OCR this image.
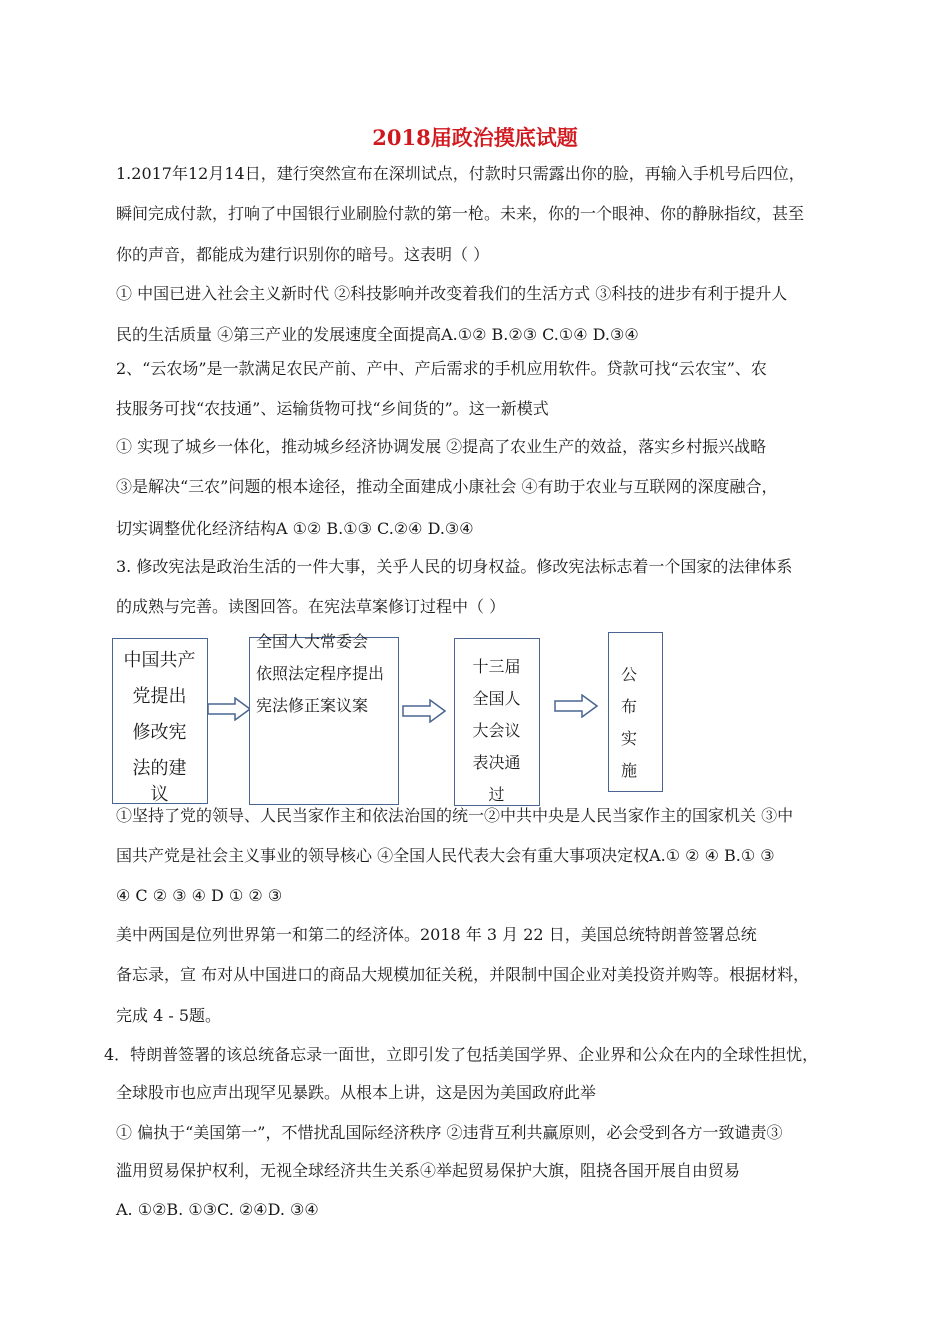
2018届政治摸底试题
1.2017年12月14日，建行突然宣布在深圳试点，付款时只需露出你的脸，再输入手机号后四位，
瞬间完成付款，打响了中国银行业刷脸付款的第一枪。未来，你的一个眼神、你的静脉指纹，甚至
你的声音，都能成为建行识别你的暗号。这表明（ ）
① 中国已进入社会主义新时代 ②科技影响并改变着我们的生活方式 ③科技的进步有利于提升人
民的生活质量 ④第三产业的发展速度全面提高A.①② B.②③ C.①④ D.③④
2、“云农场”是一款满足农民产前、产中、产后需求的手机应用软件。贷款可找“云农宝”、农
技服务可找“农技通”、运输货物可找“乡间货的”。这一新模式
① 实现了城乡一体化，推动城乡经济协调发展 ②提高了农业生产的效益，落实乡村振兴战略
③是解决“三农”问题的根本途径，推动全面建成小康社会 ④有助于农业与互联网的深度融合，
切实调整优化经济结构A ①② B.①③ C.②④ D.③④
3. 修改宪法是政治生活的一件大事，关乎人民的切身权益。修改宪法标志着一个国家的法律体系
的成熟与完善。读图回答。在宪法草案修订过程中（ ）
①坚持了党的领导、人民当家作主和依法治国的统一②中共中央是人民当家作主的国家机关 ③中
国共产党是社会主义事业的领导核心 ④全国人民代表大会有重大事项决定权A.① ② ④ B.① ③
④ C ② ③ ④ D ① ② ③
美中两国是位列世界第一和第二的经济体。2018 年 3 月 22 日，美国总统特朗普签署总统
备忘录，宣 布对从中国进口的商品大规模加征关税，并限制中国企业对美投资并购等。根据材料，
完成 4 - 5题。
4．特朗普签署的该总统备忘录一面世，立即引发了包括美国学界、企业界和公众在内的全球性担忧，
全球股市也应声出现罕见暴跌。从根本上讲，这是因为美国政府此举
① 偏执于“美国第一”，不惜扰乱国际经济秩序 ②违背互利共赢原则，必会受到各方一致谴责③
滥用贸易保护权利，无视全球经济共生关系④举起贸易保护大旗，阻挠各国开展自由贸易
A. ①②B. ①③C. ②④D. ③④
中国共产
党提出
修改宪
法的建
议
全国人大常委会
依照法定程序提出
宪法修正案议案
十三届
全国人
大会议
表决通
过
公
布
实
施
